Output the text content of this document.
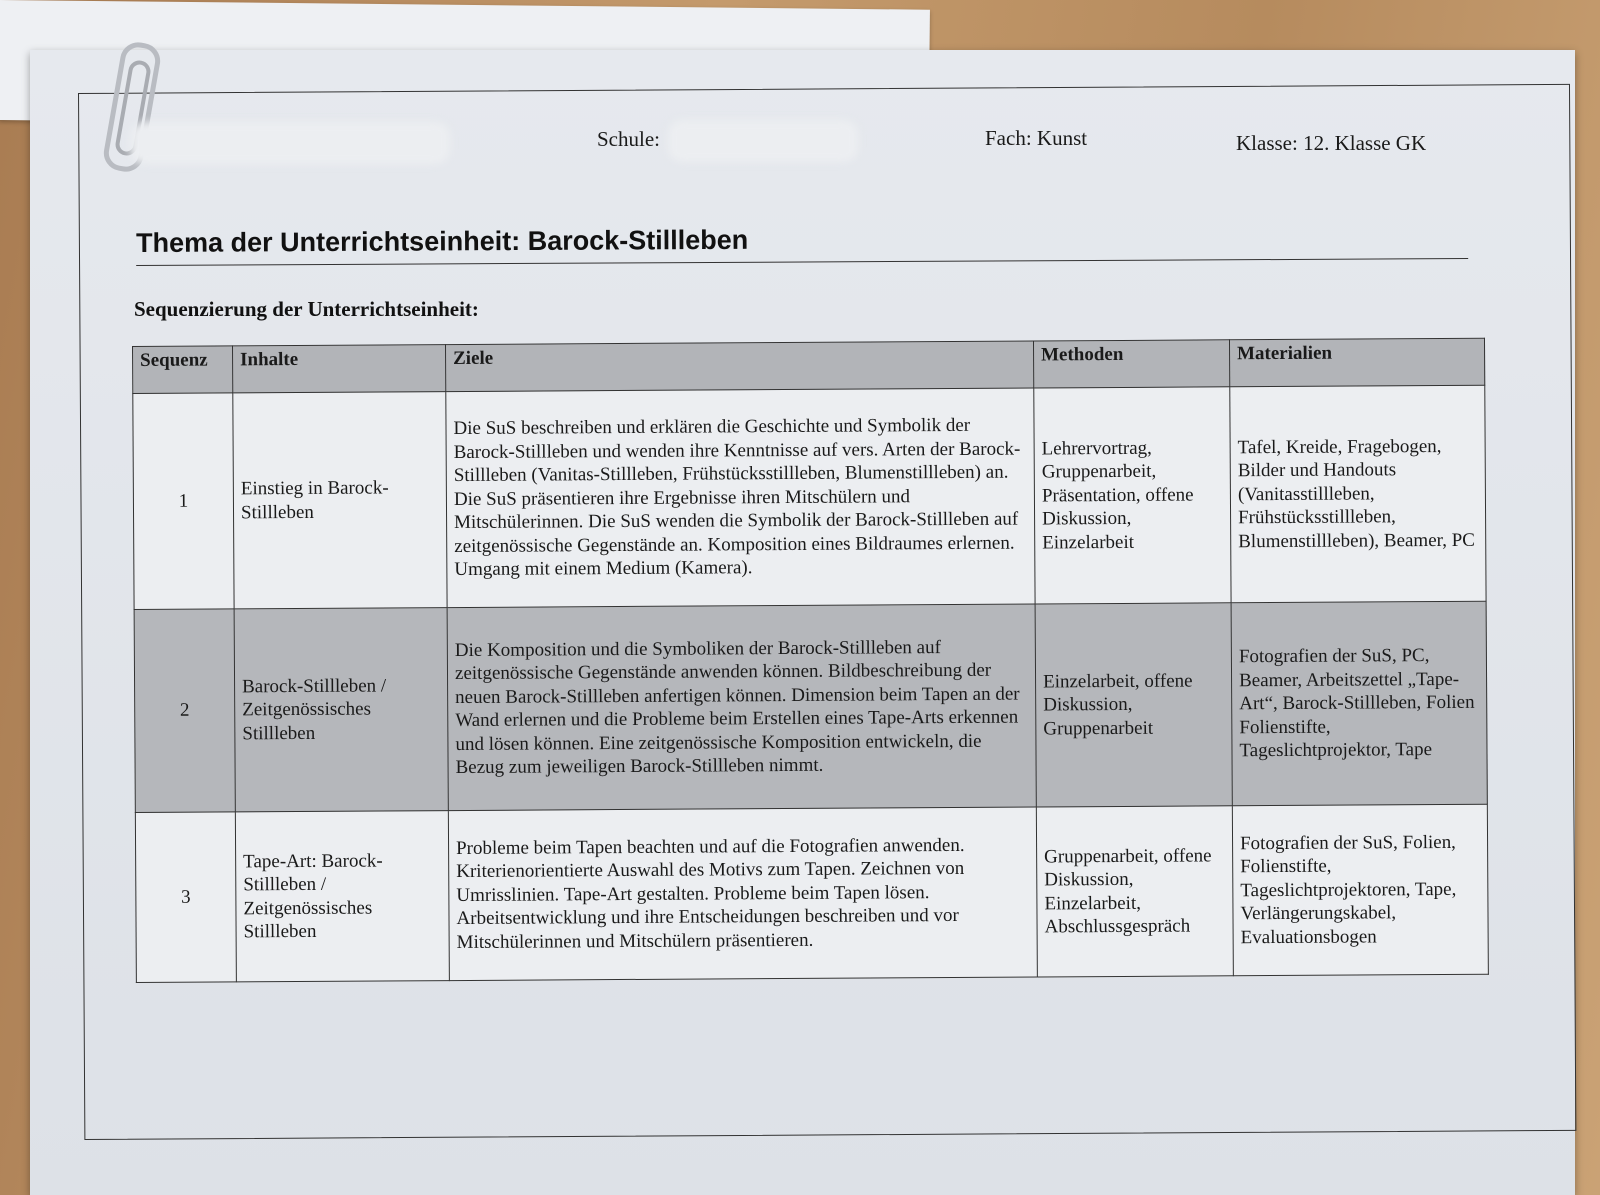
Schule:	Fach: Kunst	Klasse: 12. Klasse GK
Thema der Unterrichtseinheit: Barock-Stillleben
Sequenzierung der Unterrichtseinheit:
Sequenz	Inhalte	Ziele	Methoden	Materialien
1	Einstieg in Barock-Stillleben	Die SuS beschreiben und erklären die Geschichte und Symbolik der Barock-Stillleben und wenden ihre Kenntnisse auf vers. Arten der Barock-Stillleben (Vanitas-Stillleben, Frühstücksstillleben, Blumenstillleben) an. Die SuS präsentieren ihre Ergebnisse ihren Mitschülern und Mitschülerinnen. Die SuS wenden die Symbolik der Barock-Stillleben auf zeitgenössische Gegenstände an. Komposition eines Bildraumes erlernen. Umgang mit einem Medium (Kamera).	Lehrervortrag, Gruppenarbeit, Präsentation, offene Diskussion, Einzelarbeit	Tafel, Kreide, Fragebogen, Bilder und Handouts (Vanitasstillleben, Frühstücksstillleben, Blumenstillleben), Beamer, PC
2	Barock-Stillleben / Zeitgenössisches Stillleben	Die Komposition und die Symboliken der Barock-Stillleben auf zeitgenössische Gegenstände anwenden können. Bildbeschreibung der neuen Barock-Stillleben anfertigen können. Dimension beim Tapen an der Wand erlernen und die Probleme beim Erstellen eines Tape-Arts erkennen und lösen können. Eine zeitgenössische Komposition entwickeln, die Bezug zum jeweiligen Barock-Stillleben nimmt.	Einzelarbeit, offene Diskussion, Gruppenarbeit	Fotografien der SuS, PC, Beamer, Arbeitszettel „Tape-Art“, Barock-Stillleben, Folien Folienstifte, Tageslichtprojektor, Tape
3	Tape-Art: Barock-Stillleben / Zeitgenössisches Stillleben	Probleme beim Tapen beachten und auf die Fotografien anwenden. Kriterienorientierte Auswahl des Motivs zum Tapen. Zeichnen von Umrisslinien. Tape-Art gestalten. Probleme beim Tapen lösen. Arbeitsentwicklung und ihre Entscheidungen beschreiben und vor Mitschülerinnen und Mitschülern präsentieren.	Gruppenarbeit, offene Diskussion, Einzelarbeit, Abschlussgespräch	Fotografien der SuS, Folien, Folienstifte, Tageslichtprojektoren, Tape, Verlängerungskabel, Evaluationsbogen
